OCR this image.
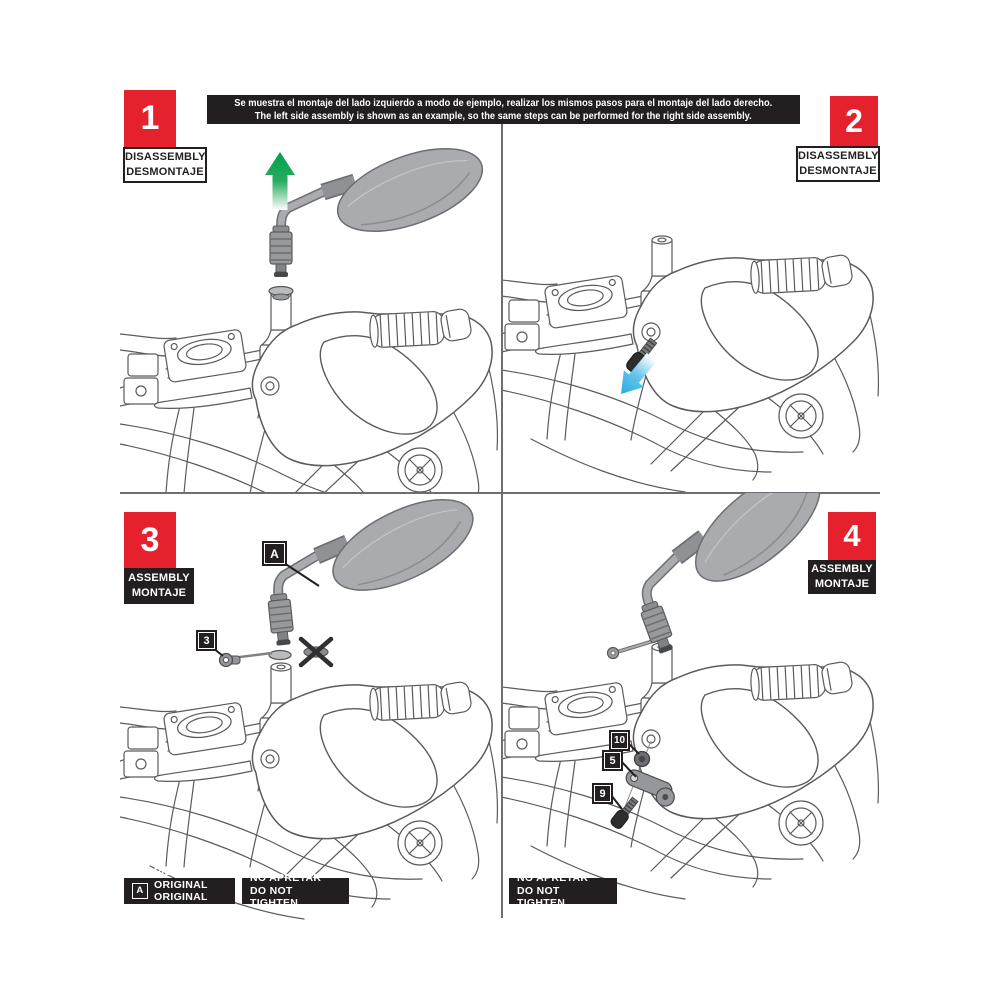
Se muestra el montaje del lado izquierdo a modo de ejemplo, realizar los mismos pasos para el montaje del lado derecho.
The left side assembly is shown as an example, so the same steps can be performed for the right side assembly.
1
DISASSEMBLY
DESMONTAJE
2
DISASSEMBLY
DESMONTAJE
A
3
3
ASSEMBLY
MONTAJE
A
PIEZA ORIGINAL
ORIGINAL PART
NO APRETAR
DO NOT TIGHTEN
10
5
9
4
ASSEMBLY
MONTAJE
NO APRETAR
DO NOT TIGHTEN
